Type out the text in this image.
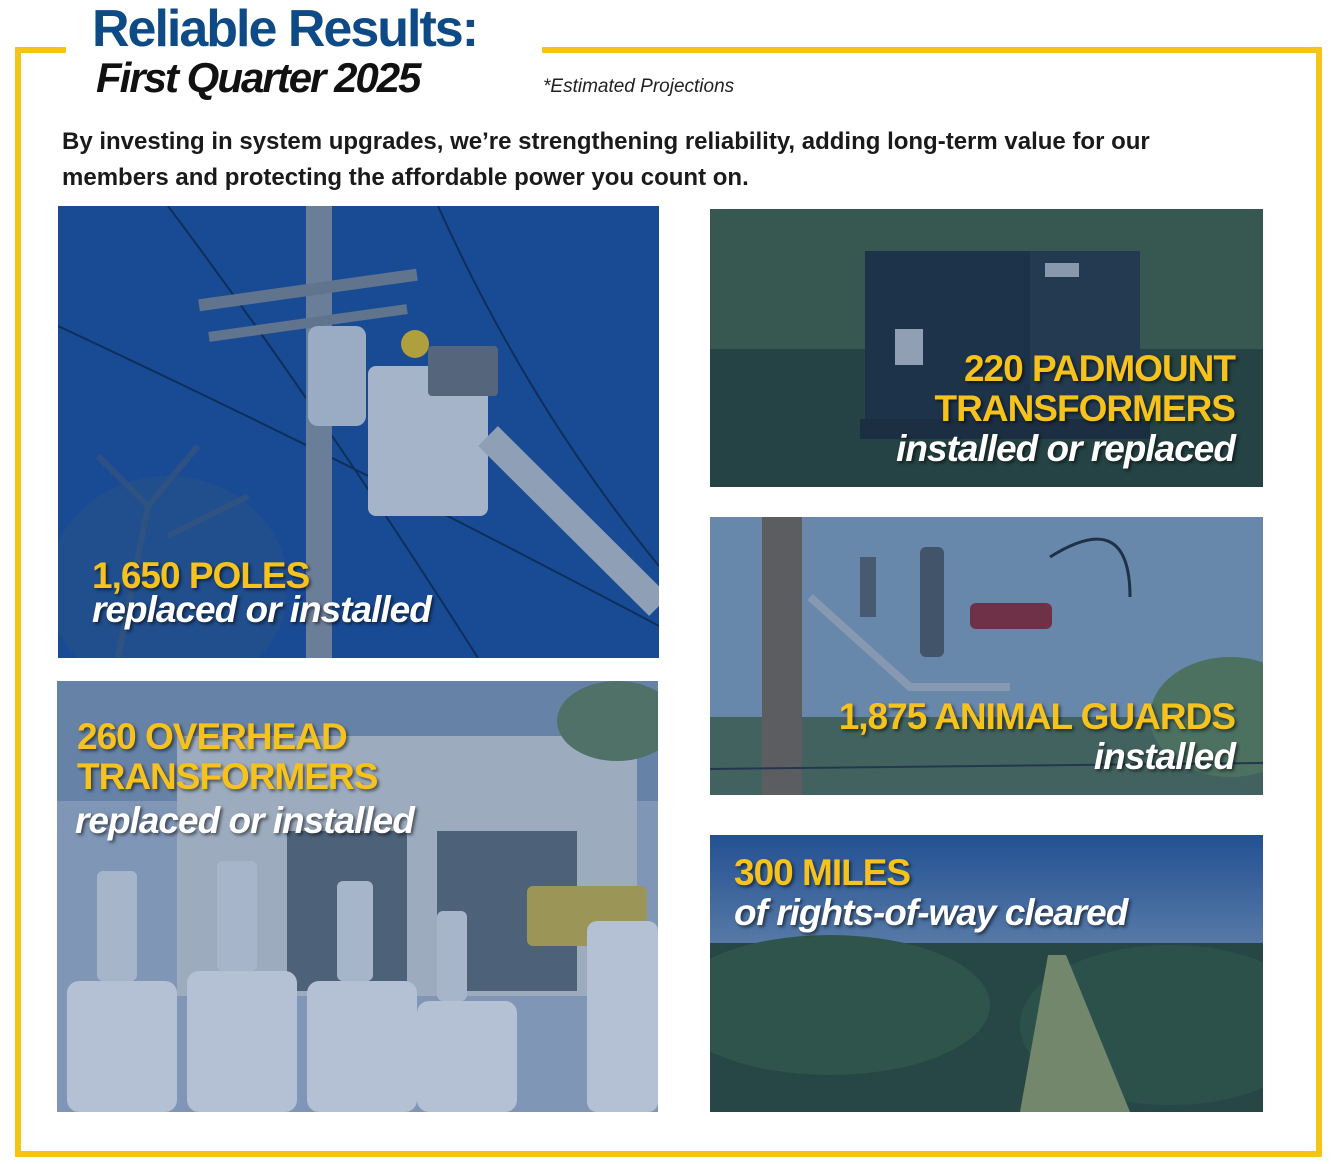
Reliable Results:
First Quarter 2025	*Estimated Projections

By investing in system upgrades, we’re strengthening reliability, adding long-term value for our members and protecting the affordable power you count on.

1,650 POLES
replaced or installed
220 PADMOUNT
TRANSFORMERS
installed or replaced
260 OVERHEAD
TRANSFORMERS
replaced or installed
1,875 ANIMAL GUARDS
installed
300 MILES
of rights-of-way cleared
